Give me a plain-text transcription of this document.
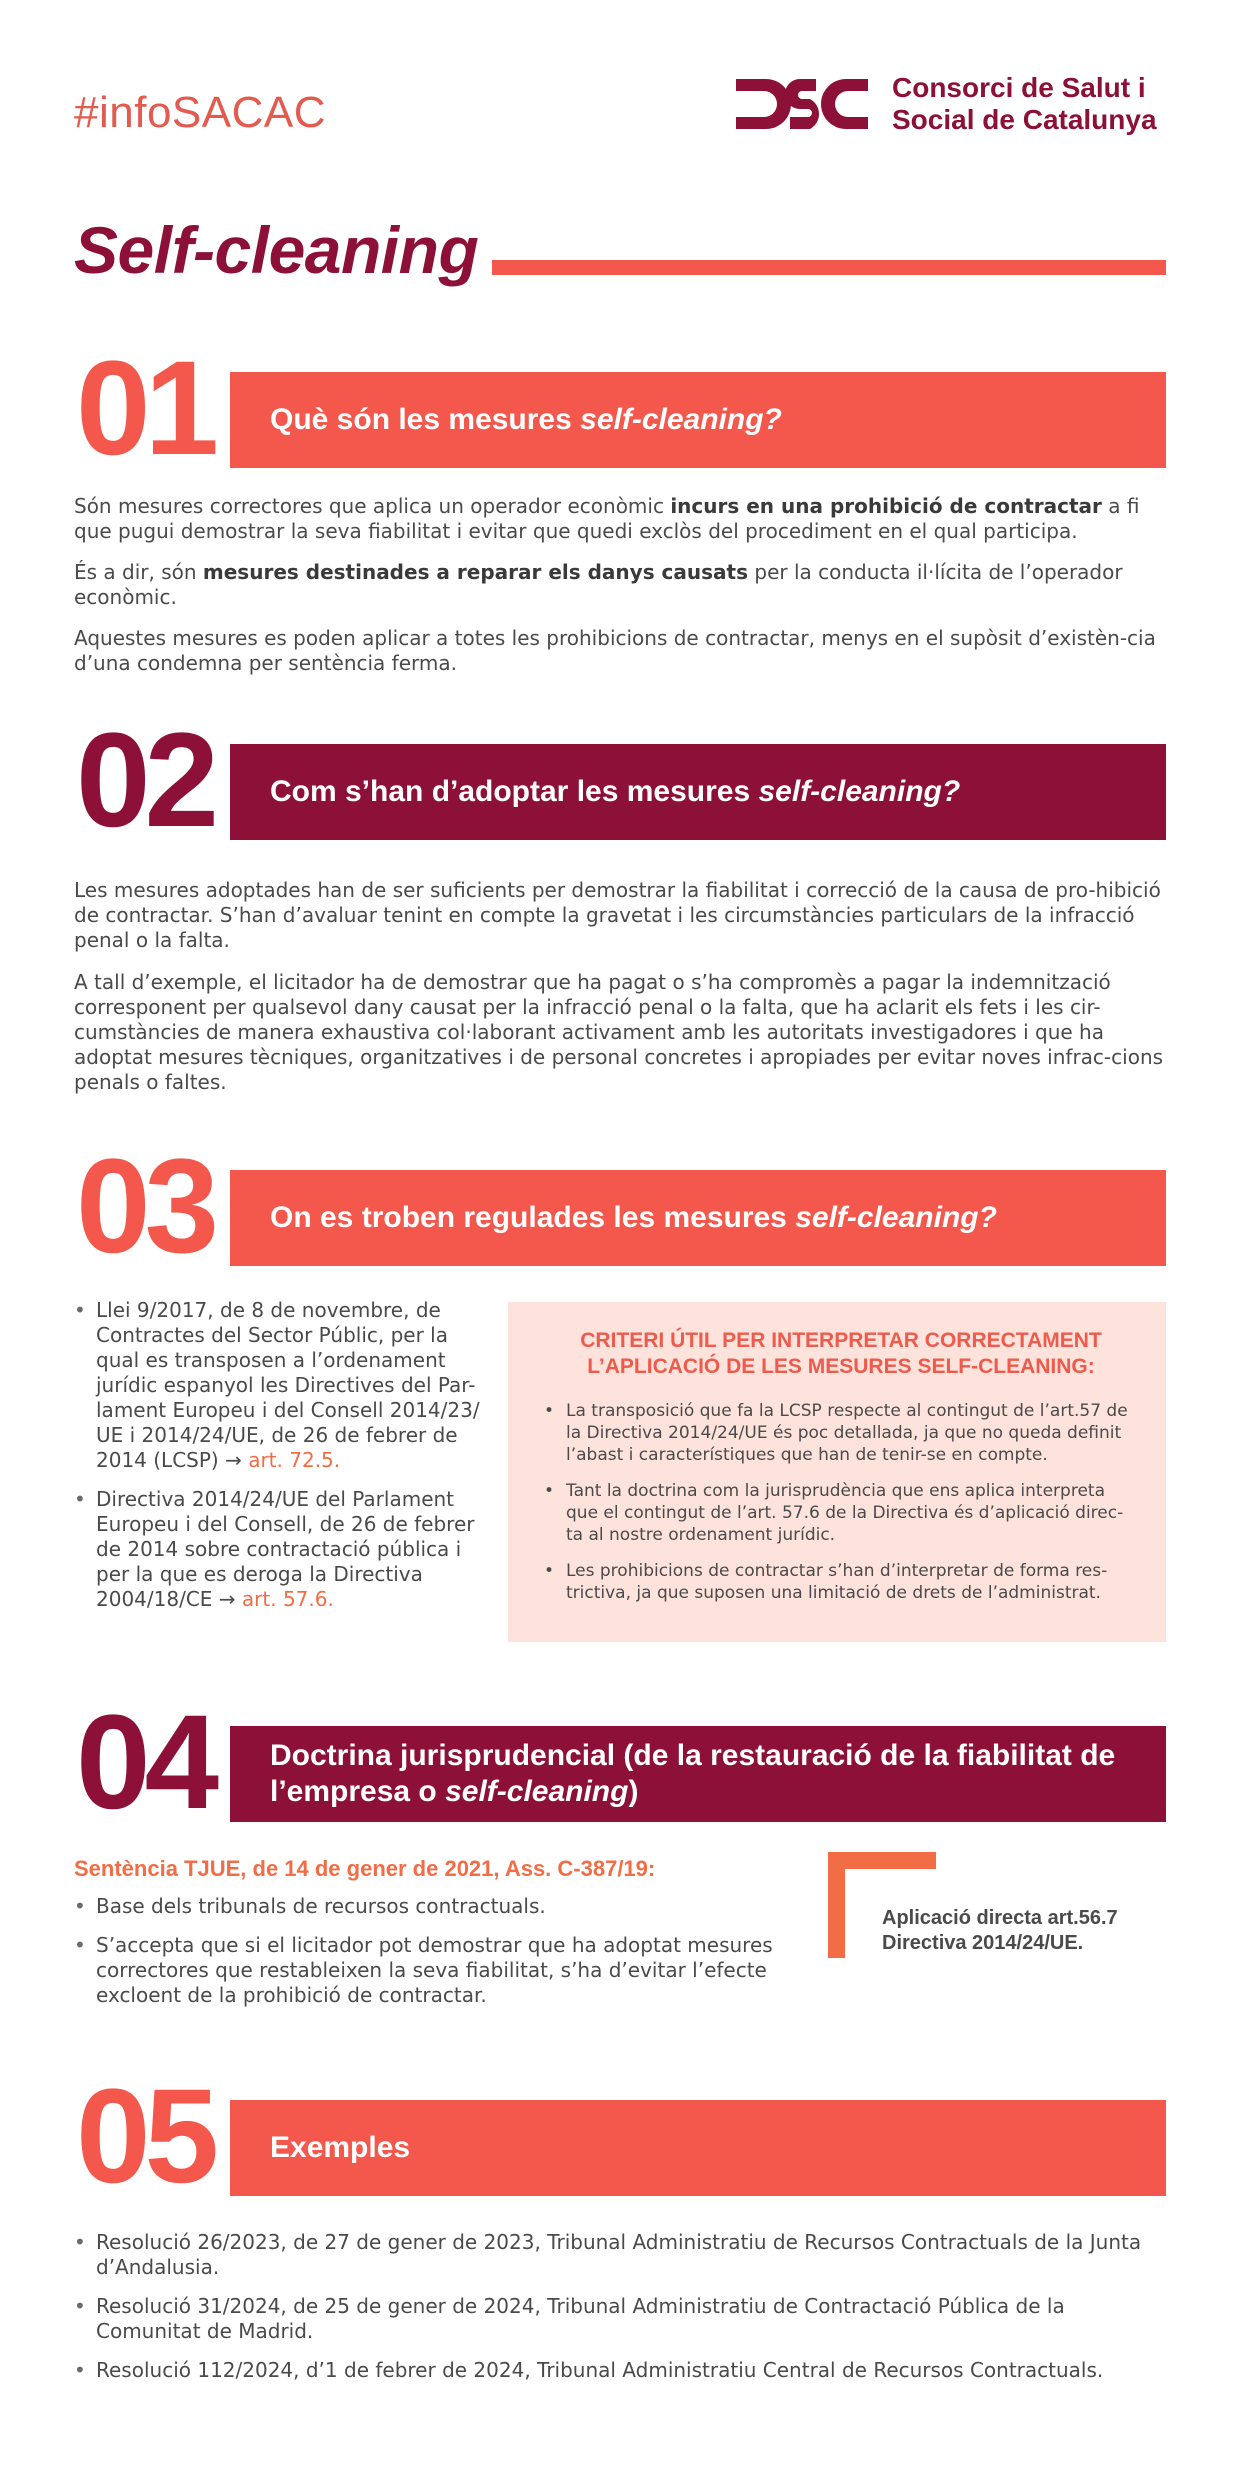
#infoSACAC
Consorci de Salut i
Social de Catalunya
Self-cleaning
01	Què són les mesures self-cleaning?
Són mesures correctores que aplica un operador econòmic incurs en una prohibició de contractar a fi que pugui demostrar la seva fiabilitat i evitar que quedi exclòs del procediment en el qual participa.
És a dir, són mesures destinades a reparar els danys causats per la conducta il·lícita de l’operador econòmic.
Aquestes mesures es poden aplicar a totes les prohibicions de contractar, menys en el supòsit d’existèn-cia d’una condemna per sentència ferma.
02	Com s’han d’adoptar les mesures self-cleaning?
Les mesures adoptades han de ser suficients per demostrar la fiabilitat i correcció de la causa de pro-hibició de contractar. S’han d’avaluar tenint en compte la gravetat i les circumstàncies particulars de la infracció penal o la falta.
A tall d’exemple, el licitador ha de demostrar que ha pagat o s’ha compromès a pagar la indemnització corresponent per qualsevol dany causat per la infracció penal o la falta, que ha aclarit els fets i les cir-cumstàncies de manera exhaustiva col·laborant activament amb les autoritats investigadores i que ha adoptat mesures tècniques, organitzatives i de personal concretes i apropiades per evitar noves infrac-cions penals o faltes.
03	On es troben regulades les mesures self-cleaning?
• Llei 9/2017, de 8 de novembre, de Contractes del Sector Públic, per la qual es transposen a l’ordenament jurídic espanyol les Directives del Par-lament Europeu i del Consell 2014/23/ UE i 2014/24/UE, de 26 de febrer de 2014 (LCSP) → art. 72.5.
• Directiva 2014/24/UE del Parlament Europeu i del Consell, de 26 de febrer de 2014 sobre contractació pública i per la que es deroga la Directiva 2004/18/CE → art. 57.6.
CRITERI ÚTIL PER INTERPRETAR CORRECTAMENT L’APLICACIÓ DE LES MESURES SELF-CLEANING:
• La transposició que fa la LCSP respecte al contingut de l’art.57 de la Directiva 2014/24/UE és poc detallada, ja que no queda definit l’abast i característiques que han de tenir-se en compte.
• Tant la doctrina com la jurisprudència que ens aplica interpreta que el contingut de l’art. 57.6 de la Directiva és d’aplicació direc-ta al nostre ordenament jurídic.
• Les prohibicions de contractar s’han d’interpretar de forma res-trictiva, ja que suposen una limitació de drets de l’administrat.
04	Doctrina jurisprudencial (de la restauració de la fiabilitat de
l’empresa o self-cleaning)
Sentència TJUE, de 14 de gener de 2021, Ass. C-387/19:
• Base dels tribunals de recursos contractuals.
• S’accepta que si el licitador pot demostrar que ha adoptat mesures correctores que restableixen la seva fiabilitat, s’ha d’evitar l’efecte excloent de la prohibició de contractar.
Aplicació directa art.56.7
Directiva 2014/24/UE.
05	Exemples
• Resolució 26/2023, de 27 de gener de 2023, Tribunal Administratiu de Recursos Contractuals de la Junta d’Andalusia.
• Resolució 31/2024, de 25 de gener de 2024, Tribunal Administratiu de Contractació Pública de la Comunitat de Madrid.
• Resolució 112/2024, d’1 de febrer de 2024, Tribunal Administratiu Central de Recursos Contractuals.
